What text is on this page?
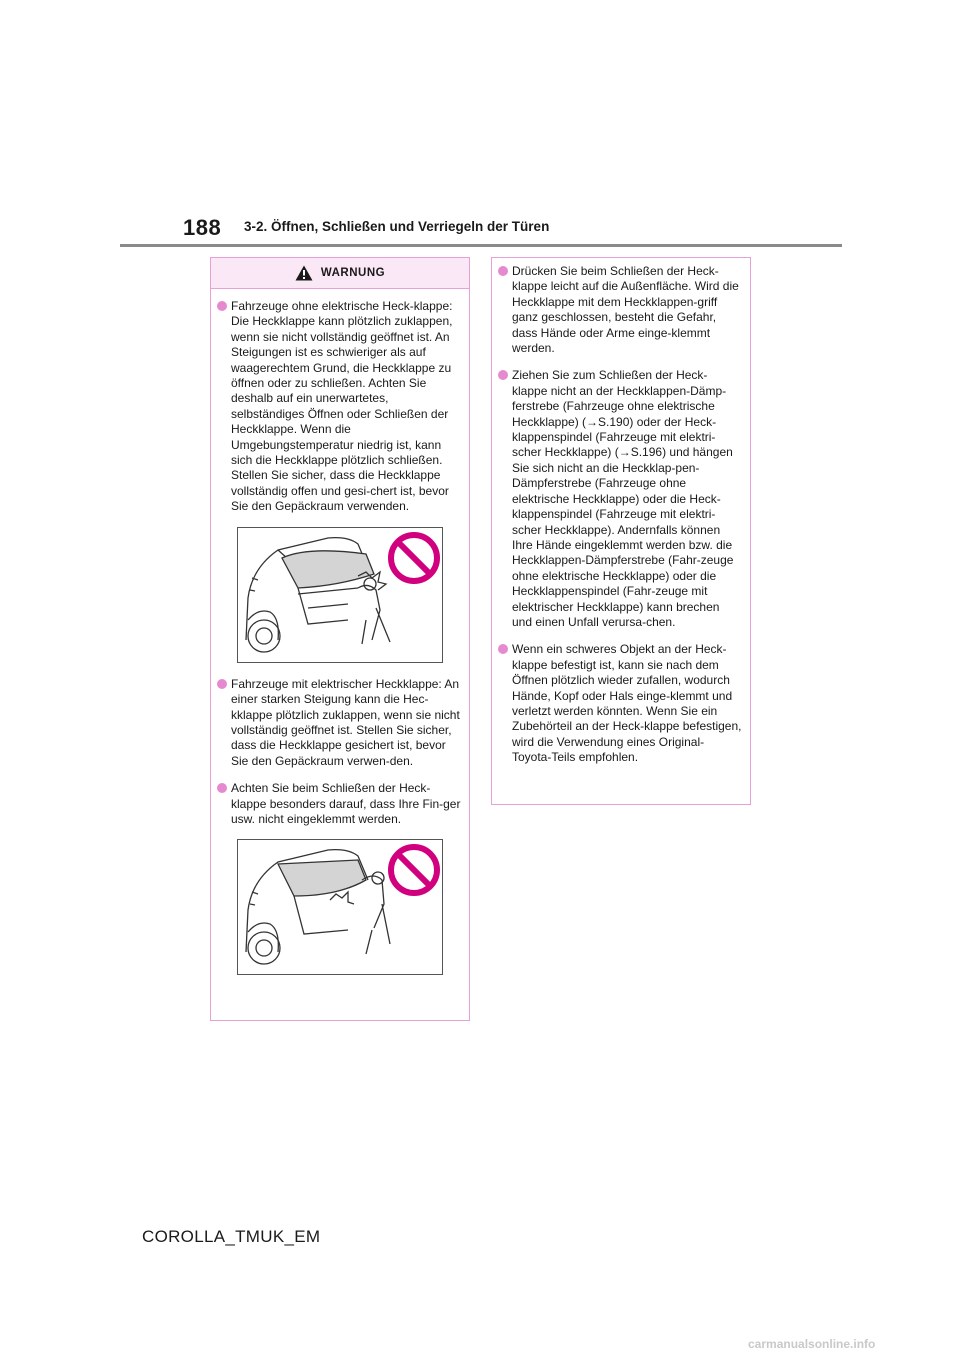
188 3-2. Öffnen, Schließen und Verriegeln der Türen
WARNUNG
Fahrzeuge ohne elektrische Heck-klappe: Die Heckklappe kann plötzlich zuklappen, wenn sie nicht vollständig geöffnet ist. An Steigungen ist es schwieriger als auf waagerechtem Grund, die Heckklappe zu öffnen oder zu schließen. Achten Sie deshalb auf ein unerwartetes, selbständiges Öffnen oder Schließen der Heckklappe. Wenn die Umgebungstemperatur niedrig ist, kann sich die Heckklappe plötzlich schließen. Stellen Sie sicher, dass die Heckklappe vollständig offen und gesi-chert ist, bevor Sie den Gepäckraum verwenden.
Fahrzeuge mit elektrischer Heckklappe: An einer starken Steigung kann die Hec-kklappe plötzlich zuklappen, wenn sie nicht vollständig geöffnet ist. Stellen Sie sicher, dass die Heckklappe gesichert ist, bevor Sie den Gepäckraum verwen-den.
Achten Sie beim Schließen der Heck-klappe besonders darauf, dass Ihre Fin-ger usw. nicht eingeklemmt werden.
Drücken Sie beim Schließen der Heck-klappe leicht auf die Außenfläche. Wird die Heckklappe mit dem Heckklappen-griff ganz geschlossen, besteht die Gefahr, dass Hände oder Arme einge-klemmt werden.
Ziehen Sie zum Schließen der Heck-klappe nicht an der Heckklappen-Dämp-ferstrebe (Fahrzeuge ohne elektrische Heckklappe) (→S.190) oder der Heck-klappenspindel (Fahrzeuge mit elektri-scher Heckklappe) (→S.196) und hängen Sie sich nicht an die Heckklap-pen-Dämpferstrebe (Fahrzeuge ohne elektrische Heckklappe) oder die Heck-klappenspindel (Fahrzeuge mit elektri-scher Heckklappe). Andernfalls können Ihre Hände eingeklemmt werden bzw. die Heckklappen-Dämpferstrebe (Fahr-zeuge ohne elektrische Heckklappe) oder die Heckklappenspindel (Fahr-zeuge mit elektrischer Heckklappe) kann brechen und einen Unfall verursa-chen.
Wenn ein schweres Objekt an der Heck-klappe befestigt ist, kann sie nach dem Öffnen plötzlich wieder zufallen, wodurch Hände, Kopf oder Hals einge-klemmt und verletzt werden könnten. Wenn Sie ein Zubehörteil an der Heck-klappe befestigen, wird die Verwendung eines Original-Toyota-Teils empfohlen.
COROLLA_TMUK_EM
carmanualsonline.info
